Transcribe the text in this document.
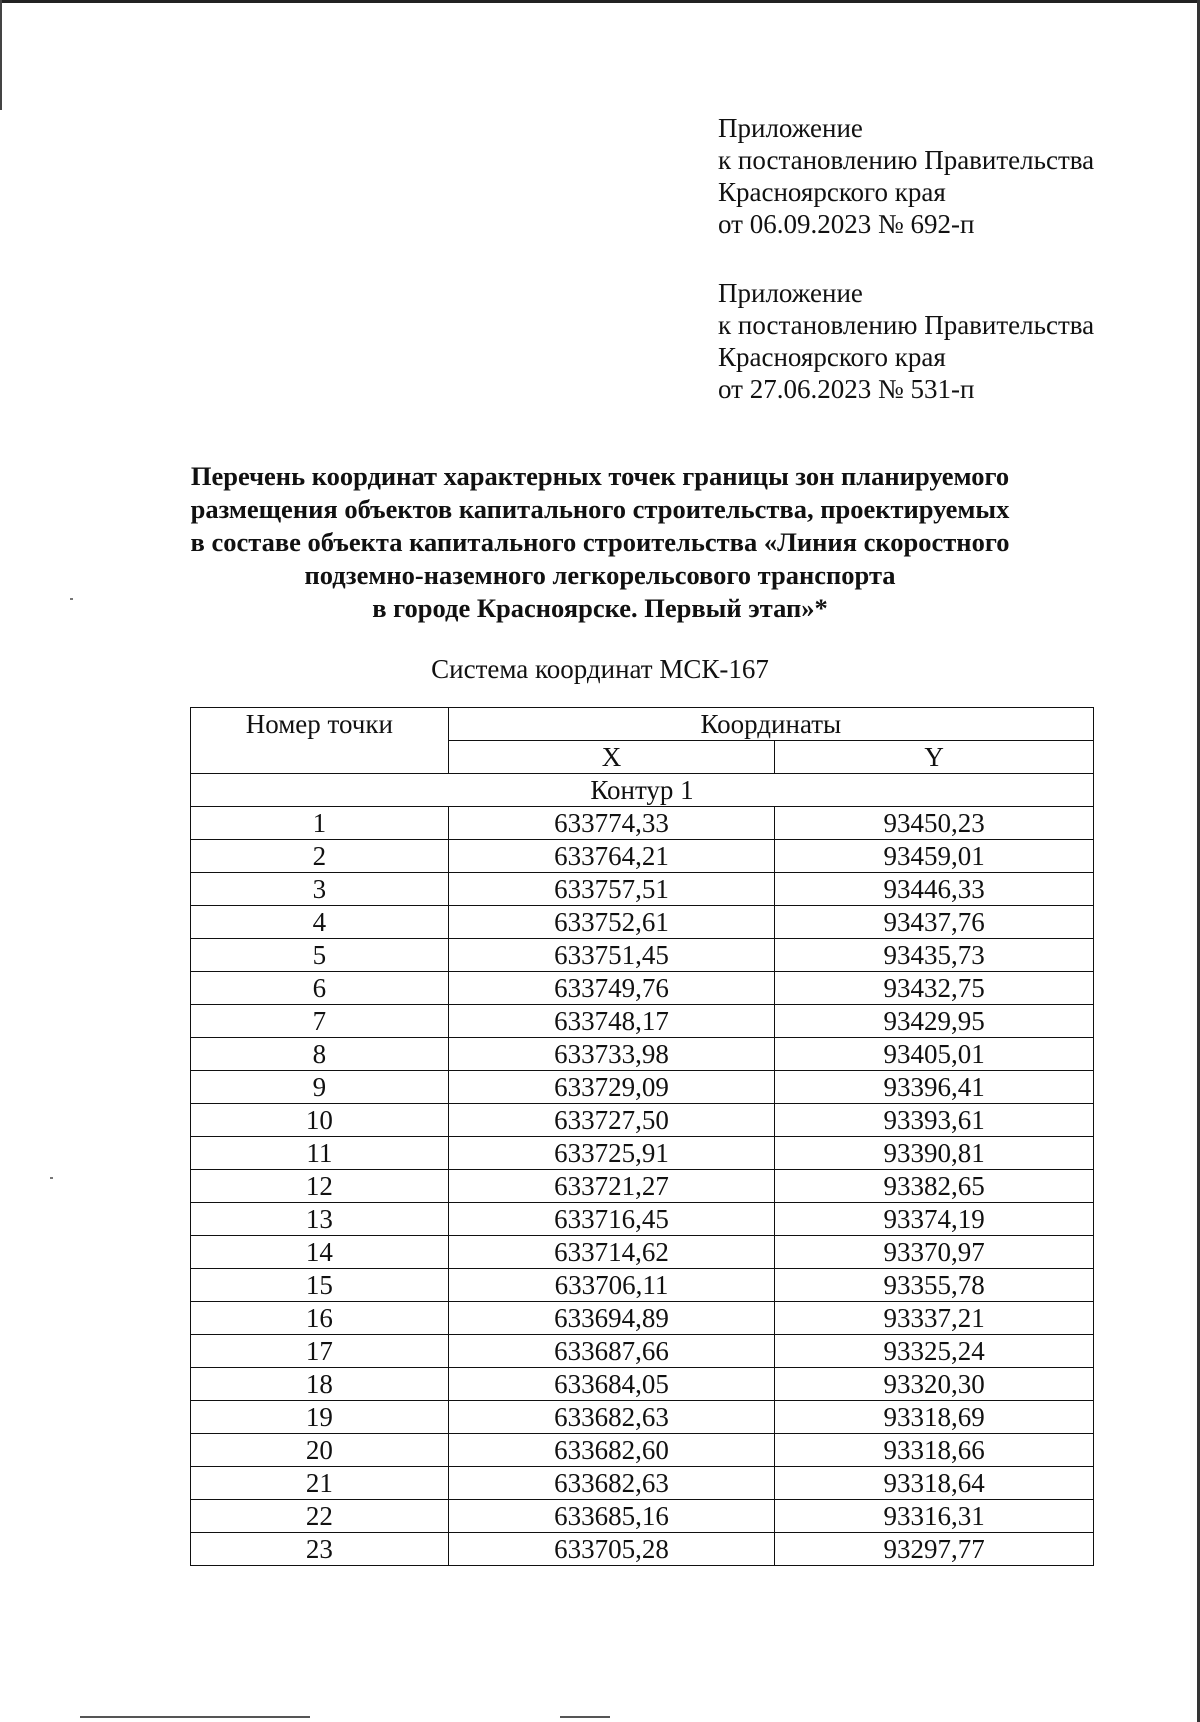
Приложение
к постановлению Правительства
Красноярского края
от 06.09.2023 № 692-п
Приложение
к постановлению Правительства
Красноярского края
от 27.06.2023 № 531-п
Перечень координат характерных точек границы зон планируемого
размещения объектов капитального строительства, проектируемых
в составе объекта капитального строительства «Линия скоростного
подземно-наземного легкорельсового транспорта
в городе Красноярске. Первый этап»*
Система координат МСК-167
Номер точки	Координаты	
	X	Y
Контур 1		
1	633774,33	93450,23
2	633764,21	93459,01
3	633757,51	93446,33
4	633752,61	93437,76
5	633751,45	93435,73
6	633749,76	93432,75
7	633748,17	93429,95
8	633733,98	93405,01
9	633729,09	93396,41
10	633727,50	93393,61
11	633725,91	93390,81
12	633721,27	93382,65
13	633716,45	93374,19
14	633714,62	93370,97
15	633706,11	93355,78
16	633694,89	93337,21
17	633687,66	93325,24
18	633684,05	93320,30
19	633682,63	93318,69
20	633682,60	93318,66
21	633682,63	93318,64
22	633685,16	93316,31
23	633705,28	93297,77
